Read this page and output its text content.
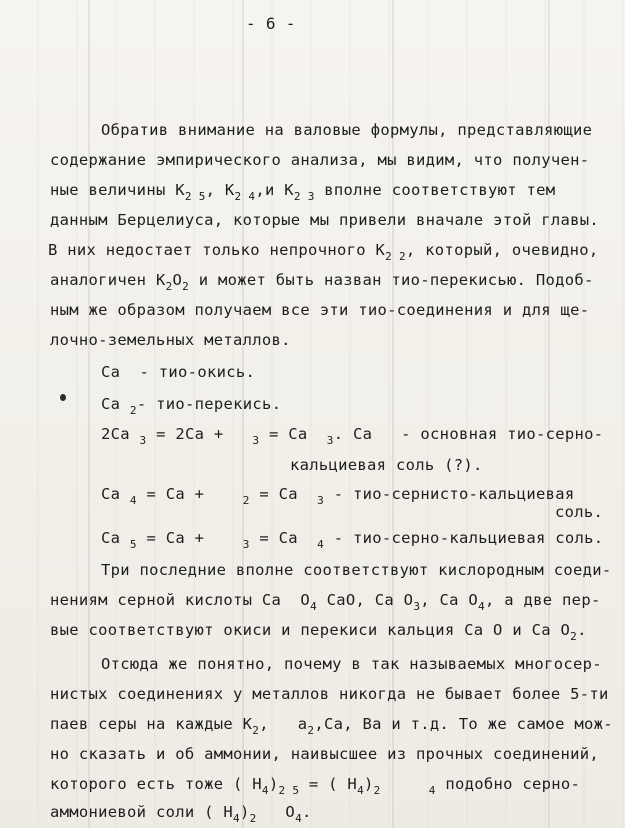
- 6 -
Обратив внимание на валовые формулы, представляющие
содержание эмпирического анализа, мы видим, что получен-
ные величины $K_{2 5}$, $K_{2 4},и$ $K_{2 3}$ вполне соответствуют тем
данным Берцелиуса, которые мы привели вначале этой главы.
В них недостает только непрочного $K_{2 2}$, который, очевидно,
аналогичен $K_2O_2$ и может быть назван тио-перекисью. Подоб-
ным же образом получаем все эти тио-соединения и для ще-
лочно-земельных металлов.
Ca  - тио-окись.
Ca $_2$- тио-перекись.
2Ca $_3$ = 2Ca +   $_3$ = Ca  $_3$. Ca   - основная тио-серно-
кальциевая соль (?).
Ca $_4$ = Ca +    $_2$ = Ca  $_3$ - тио-сернисто-кальциевая
соль.
Ca $_5$ = Ca +    $_3$ = Ca  $_4$ - тио-серно-кальциевая соль.
Три последние вполне соответствуют кислородным соеди-
нениям серной кислоты Ca  $O_4$ CaO, Ca $O_3$, Ca $O_4$, а две пер-
вые соответствуют окиси и перекиси кальция Ca O и Ca $O_2$.
Отсюда же понятно, почему в так называемых многосер-
нистых соединениях у металлов никогда не бывает более 5-ти
паев серы на каждые $K_2$,   $a_2,Ca$, Ba и т.д. То же самое мож-
но сказать и об аммонии, наивысшее из прочных соединений,
которого есть тоже ( $H_4)_{2 5}$ = ( $H_4)_2$	$_4$ подобно серно-
аммониевой соли ( $H_4)_2$   $O_4$.
